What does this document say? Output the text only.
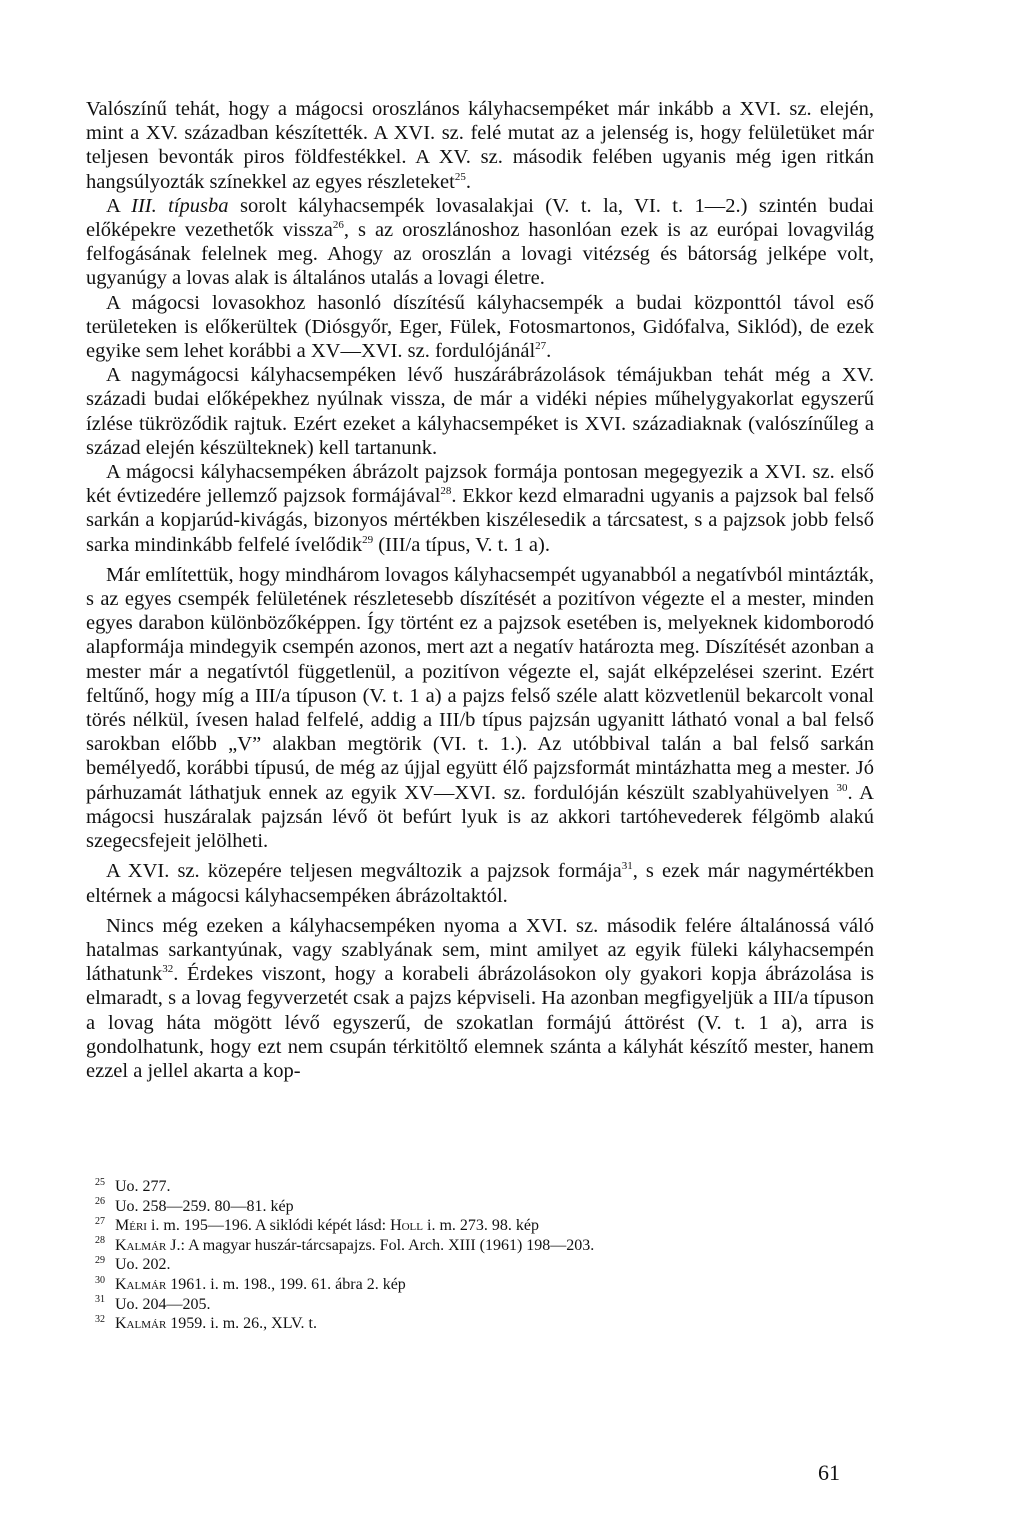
Valószínű tehát, hogy a mágocsi oroszlános kályhacsempéket már inkább a XVI. sz. elején, mint a XV. században készítették. A XVI. sz. felé mutat az a jelenség is, hogy felületüket már teljesen bevonták piros földfestékkel. A XV. sz. második felében ugyanis még igen ritkán hangsúlyozták színekkel az egyes részleteket$^{25}$.

A III. típusba sorolt kályhacsempék lovasalakjai (V. t. la, VI. t. 1—2.) szintén budai előképekre vezethetők vissza$^{26}$, s az oroszlánoshoz hasonlóan ezek is az európai lovagvilág felfogásának felelnek meg. Ahogy az oroszlán a lovagi vitézség és bátorság jelképe volt, ugyanúgy a lovas alak is általános utalás a lovagi életre.

A mágocsi lovasokhoz hasonló díszítésű kályhacsempék a budai központtól távol eső területeken is előkerültek (Diósgyőr, Eger, Fülek, Fotosmartonos, Gidófalva, Siklód), de ezek egyike sem lehet korábbi a XV—XVI. sz. fordulójánál$^{27}$.

A nagymágocsi kályhacsempéken lévő huszárábrázolások témájukban tehát még a XV. századi budai előképekhez nyúlnak vissza, de már a vidéki népies műhelygyakorlat egyszerű ízlése tükröződik rajtuk. Ezért ezeket a kályhacsempéket is XVI. századiaknak (valószínűleg a század elején készülteknek) kell tartanunk.

A mágocsi kályhacsempéken ábrázolt pajzsok formája pontosan megegyezik a XVI. sz. első két évtizedére jellemző pajzsok formájával$^{28}$. Ekkor kezd elmaradni ugyanis a pajzsok bal felső sarkán a kopjarúd-kivágás, bizonyos mértékben kiszélesedik a tárcsatest, s a pajzsok jobb felső sarka mindinkább felfelé ívelődik$^{29}$ (III/a típus, V. t. 1 a).

Már említettük, hogy mindhárom lovagos kályhacsempét ugyanabból a negatívból mintázták, s az egyes csempék felületének részletesebb díszítését a pozitívon végezte el a mester, minden egyes darabon különbözőképpen. Így történt ez a pajzsok esetében is, melyeknek kidomborodó alapformája mindegyik csempén azonos, mert azt a negatív határozta meg. Díszítését azonban a mester már a negatívtól függetlenül, a pozitívon végezte el, saját elképzelései szerint. Ezért feltűnő, hogy míg a III/a típuson (V. t. 1 a) a pajzs felső széle alatt közvetlenül bekarcolt vonal törés nélkül, ívesen halad felfelé, addig a III/b típus pajzsán ugyanitt látható vonal a bal felső sarokban előbb „V” alakban megtörik (VI. t. 1.). Az utóbbival talán a bal felső sarkán bemélyedő, korábbi típusú, de még az újjal együtt élő pajzsformát mintázhatta meg a mester. Jó párhuzamát láthatjuk ennek az egyik XV—XVI. sz. fordulóján készült szablyahüvelyen $^{30}$. A mágocsi huszáralak pajzsán lévő öt befúrt lyuk is az akkori tartóhevederek félgömb alakú szegecsfejeit jelölheti.

A XVI. sz. közepére teljesen megváltozik a pajzsok formája$^{31}$, s ezek már nagymértékben eltérnek a mágocsi kályhacsempéken ábrázoltaktól.

Nincs még ezeken a kályhacsempéken nyoma a XVI. sz. második felére általánossá váló hatalmas sarkantyúnak, vagy szablyának sem, mint amilyet az egyik füleki kályhacsempén láthatunk$^{32}$. Érdekes viszont, hogy a korabeli ábrázolásokon oly gyakori kopja ábrázolása is elmaradt, s a lovag fegyverzetét csak a pajzs képviseli. Ha azonban megfigyeljük a III/a típuson a lovag háta mögött lévő egyszerű, de szokatlan formájú áttörést (V. t. 1 a), arra is gondolhatunk, hogy ezt nem csupán térkitöltő elemnek szánta a kályhát készítő mester, hanem ezzel a jellel akarta a kop-

25 Uo. 277.
26 Uo. 258—259. 80—81. kép
27 Méri i. m. 195—196. A siklódi képét lásd: Holl i. m. 273. 98. kép
28 Kalmár J.: A magyar huszár-tárcsapajzs. Fol. Arch. XIII (1961) 198—203.
29 Uo. 202.
30 Kalmár 1961. i. m. 198., 199. 61. ábra 2. kép
31 Uo. 204—205.
32 Kalmár 1959. i. m. 26., XLV. t.
61
